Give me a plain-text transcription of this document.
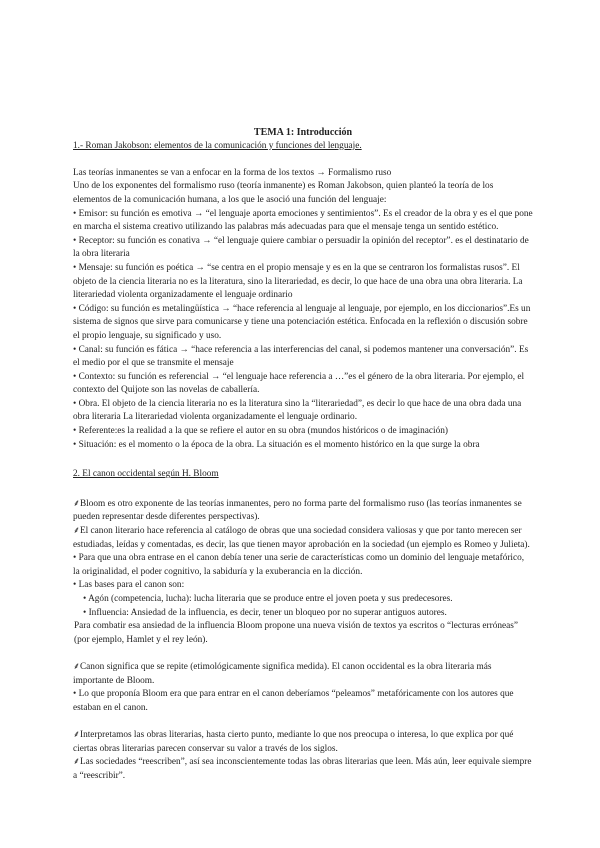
TEMA 1: Introducción

1.- Roman Jakobson: elementos de la comunicación y funciones del lenguaje.

Las teorías inmanentes se van a enfocar en la forma de los textos → Formalismo ruso

Uno de los exponentes del formalismo ruso (teoría inmanente) es Roman Jakobson, quien planteó la teoría de los elementos de la comunicación humana, a los que le asoció una función del lenguaje:

• Emisor: su función es emotiva → “el lenguaje aporta emociones y sentimientos”. Es el creador de la obra y es el que pone en marcha el sistema creativo utilizando las palabras más adecuadas para que el mensaje tenga un sentido estético.

• Receptor: su función es conativa → “el lenguaje quiere cambiar o persuadir la opinión del receptor”. es el destinatario de la obra literaria

• Mensaje: su función es poética → “se centra en el propio mensaje y es en la que se centraron los formalistas rusos”. El objeto de la ciencia literaria no es la literatura, sino la literariedad, es decir, lo que hace de una obra una obra literaria. La literariedad violenta organizadamente el lenguaje ordinario

• Código: su función es metalingüística → “hace referencia al lenguaje al lenguaje, por ejemplo, en los diccionarios”.Es un sistema de signos que sirve para comunicarse y tiene una potenciación estética. Enfocada en la reflexión o discusión sobre el propio lenguaje, su significado y uso.

• Canal: su función es fática → “hace referencia a las interferencias del canal, si podemos mantener una conversación”. Es el medio por el que se transmite el mensaje

• Contexto: su función es referencial → “el lenguaje hace referencia a …”es el género de la obra literaria. Por ejemplo, el contexto del Quijote son las novelas de caballería.

• Obra. El objeto de la ciencia literaria no es la literatura sino la “literariedad”, es decir lo que hace de una obra dada una obra literaria La literariedad violenta organizadamente el lenguaje ordinario.

• Referente:es la realidad a la que se refiere el autor en su obra (mundos históricos o de imaginación)

• Situación: es el momento o la época de la obra. La situación es el momento histórico en la que surge la obra

2. El canon occidental según H. Bloom

⸙Bloom es otro exponente de las teorías inmanentes, pero no forma parte del formalismo ruso (las teorías inmanentes se pueden representar desde diferentes perspectivas).

⸙El canon literario hace referencia al catálogo de obras que una sociedad considera valiosas y que por tanto merecen ser estudiadas, leídas y comentadas, es decir, las que tienen mayor aprobación en la sociedad (un ejemplo es Romeo y Julieta).

• Para que una obra entrase en el canon debía tener una serie de características como un dominio del lenguaje metafórico, la originalidad, el poder cognitivo, la sabiduría y la exuberancia en la dicción.

• Las bases para el canon son:

• Agón (competencia, lucha): lucha literaria que se produce entre el joven poeta y sus predecesores.

• Influencia: Ansiedad de la influencia, es decir, tener un bloqueo por no superar antiguos autores.

Para combatir esa ansiedad de la influencia Bloom propone una nueva visión de textos ya escritos o “lecturas erróneas” (por ejemplo, Hamlet y el rey león).

⸙Canon significa que se repite (etimológicamente significa medida). El canon occidental es la obra literaria más importante de Bloom.

• Lo que proponía Bloom era que para entrar en el canon deberíamos “peleamos” metafóricamente con los autores que estaban en el canon.

⸙Interpretamos las obras literarias, hasta cierto punto, mediante lo que nos preocupa o interesa, lo que explica por qué ciertas obras literarias parecen conservar su valor a través de los siglos.

⸙Las sociedades “reescriben”, así sea inconscientemente todas las obras literarias que leen. Más aún, leer equivale siempre a “reescribir”.
